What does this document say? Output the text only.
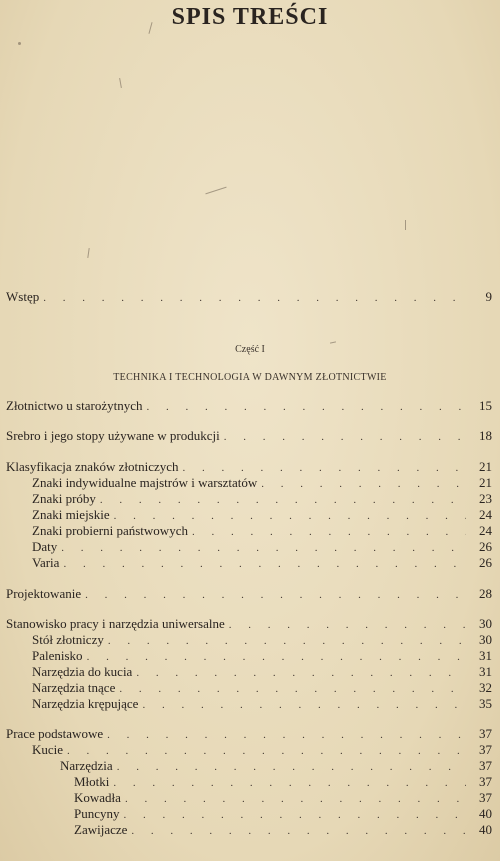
SPIS TREŚCI
Część I
TECHNIKA I TECHNOLOGIA W DAWNYM ZŁOTNICTWIE
Wstęp . . .	9
Złotnictwo u starożytnych . . .	15
Srebro i jego stopy używane w produkcji . . .	18
Klasyfikacja znaków złotniczych . . .	21
Znaki indywidualne majstrów i warsztatów . . .	21
Znaki próby . . .	23
Znaki miejskie . . .	24
Znaki probierni państwowych . . .	24
Daty . . .	26
Varia . . .	26
Projektowanie . . .	28
Stanowisko pracy i narzędzia uniwersalne . . .	30
Stół złotniczy . . .	30
Palenisko . . .	31
Narzędzia do kucia . . .	31
Narzędzia tnące . . .	32
Narzędzia krępujące . . .	35
Prace podstawowe . . .	37
Kucie . . .	37
Narzędzia . . .	37
Młotki . . .	37
Kowadła . . .	37
Puncyny . . .	40
Zawijacze . . .	40
